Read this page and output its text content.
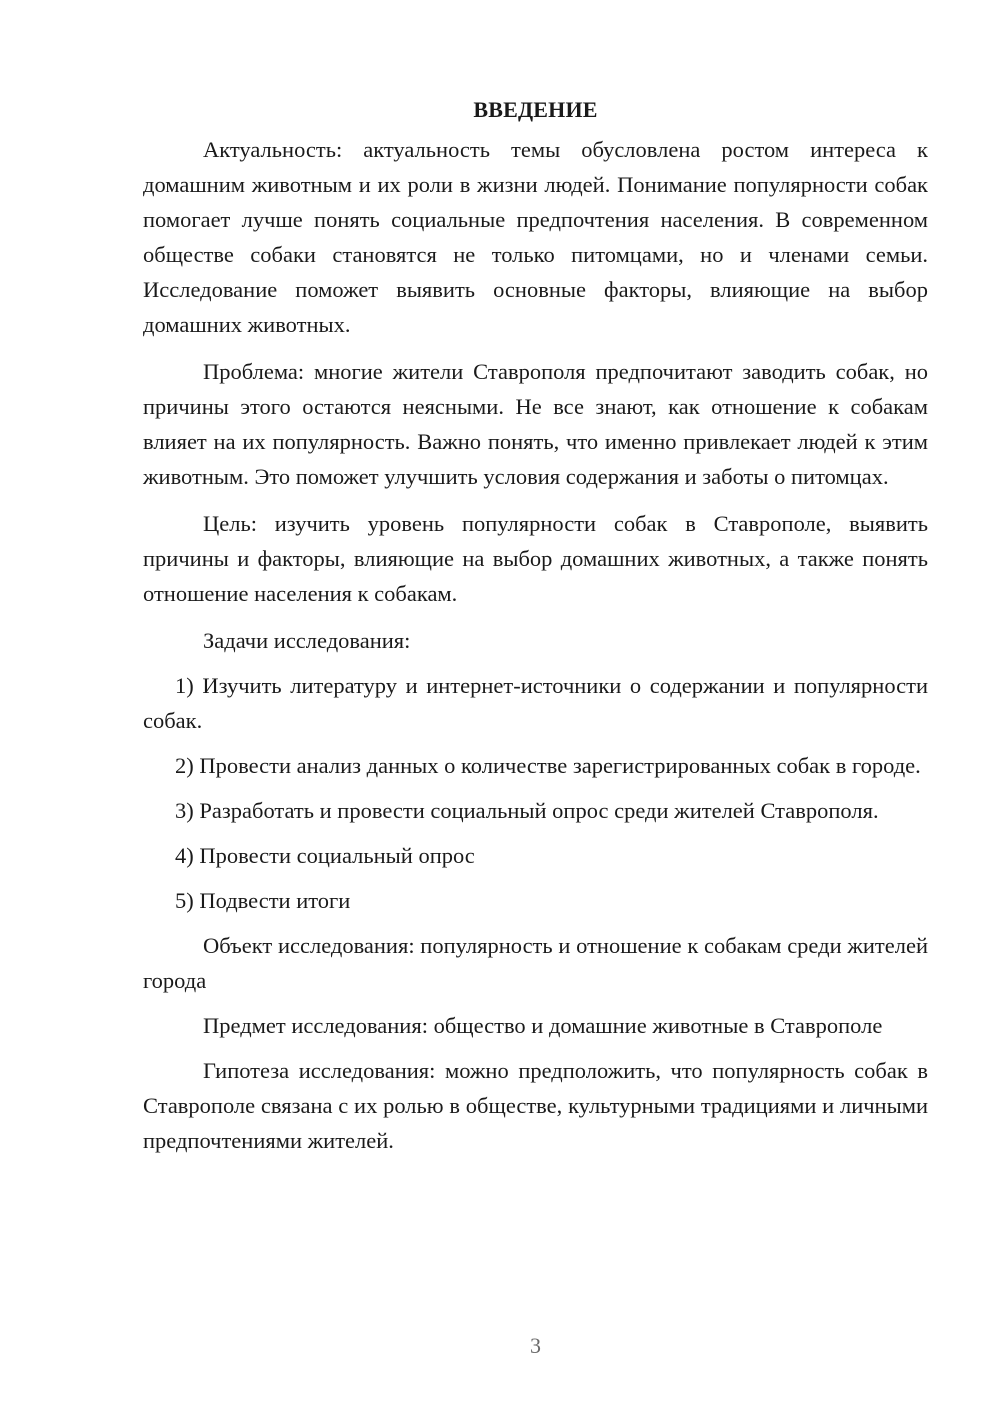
ВВЕДЕНИЕ

Актуальность: актуальность темы обусловлена ростом интереса к домашним животным и их роли в жизни людей. Понимание популярности собак помогает лучше понять социальные предпочтения населения. В современном обществе собаки становятся не только питомцами, но и членами семьи. Исследование поможет выявить основные факторы, влияющие на выбор домашних животных.

Проблема: многие жители Ставрополя предпочитают заводить собак, но причины этого остаются неясными. Не все знают, как отношение к собакам влияет на их популярность. Важно понять, что именно привлекает людей к этим животным. Это поможет улучшить условия содержания и заботы о питомцах.

Цель: изучить уровень популярности собак в Ставрополе, выявить причины и факторы, влияющие на выбор домашних животных, а также понять отношение населения к собакам.

Задачи исследования:

1) Изучить литературу и интернет-источники о содержании и популярности собак.

2) Провести анализ данных о количестве зарегистрированных собак в городе.

3) Разработать и провести социальный опрос среди жителей Ставрополя.

4) Провести социальный опрос

5) Подвести итоги

Объект исследования: популярность и отношение к собакам среди жителей города

Предмет исследования: общество и домашние животные в Ставрополе

Гипотеза исследования: можно предположить, что популярность собак в Ставрополе связана с их ролью в обществе, культурными традициями и личными предпочтениями жителей.

3
